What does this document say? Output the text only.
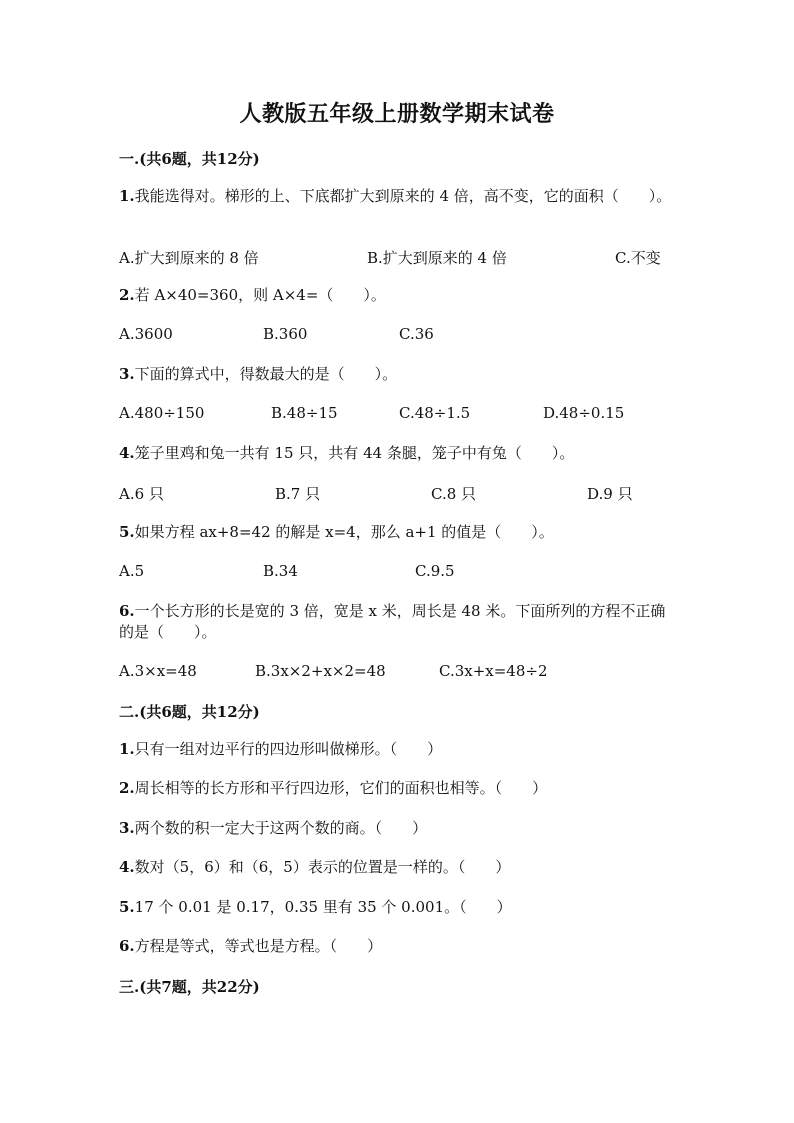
人教版五年级上册数学期末试卷
一.(共6题，共12分)
1.我能选得对。梯形的上、下底都扩大到原来的 4 倍，高不变，它的面积（　　）。
A.扩大到原来的 8 倍	B.扩大到原来的 4 倍	C.不变
2.若 A×40=360，则 A×4=（　　）。
A.3600	B.360	C.36
3.下面的算式中，得数最大的是（　　）。
A.480÷150	B.48÷15	C.48÷1.5	D.48÷0.15
4.笼子里鸡和兔一共有 15 只，共有 44 条腿，笼子中有兔（　　）。
A.6 只	B.7 只	C.8 只	D.9 只
5.如果方程 ax+8=42 的解是 x=4，那么 a+1 的值是（　　）。
A.5	B.34	C.9.5
6.一个长方形的长是宽的 3 倍，宽是 x 米，周长是 48 米。下面所列的方程不正确的是（　　）。
A.3×x=48	B.3x×2+x×2=48	C.3x+x=48÷2
二.(共6题，共12分)
1.只有一组对边平行的四边形叫做梯形。（　　）
2.周长相等的长方形和平行四边形，它们的面积也相等。（　　）
3.两个数的积一定大于这两个数的商。（　　）
4.数对（5，6）和（6，5）表示的位置是一样的。（　　）
5.17 个 0.01 是 0.17，0.35 里有 35 个 0.001。（　　）
6.方程是等式，等式也是方程。（　　）
三.(共7题，共22分)
